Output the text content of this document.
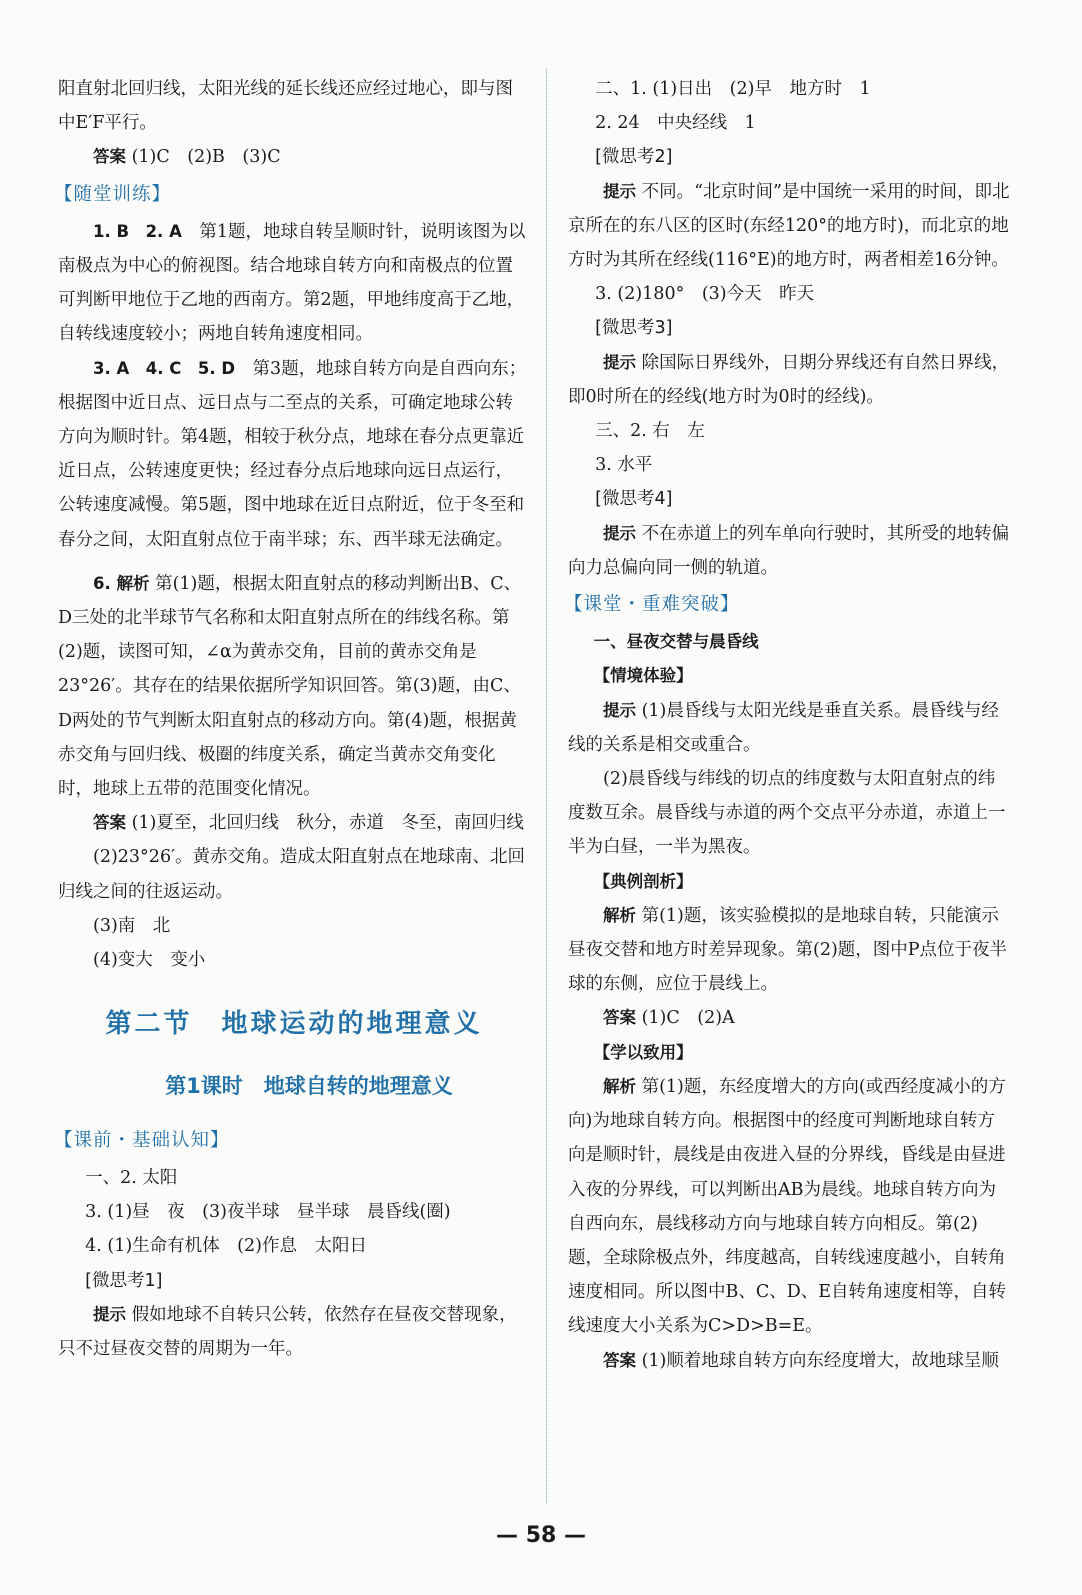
阳直射北回归线，太阳光线的延长线还应经过地心，即与图中E′F平行。

答案 (1)C　(2)B　(3)C

【随堂训练】

1. B　2. A　第1题，地球自转呈顺时针，说明该图为以南极点为中心的俯视图。结合地球自转方向和南极点的位置可判断甲地位于乙地的西南方。第2题，甲地纬度高于乙地，自转线速度较小；两地自转角速度相同。

3. A　4. C　5. D　第3题，地球自转方向是自西向东；根据图中近日点、远日点与二至点的关系，可确定地球公转方向为顺时针。第4题，相较于秋分点，地球在春分点更靠近近日点，公转速度更快；经过春分点后地球向远日点运行，公转速度减慢。第5题，图中地球在近日点附近，位于冬至和春分之间，太阳直射点位于南半球；东、西半球无法确定。

6. 解析 第(1)题，根据太阳直射点的移动判断出B、C、D三处的北半球节气名称和太阳直射点所在的纬线名称。第(2)题，读图可知，∠α为黄赤交角，目前的黄赤交角是23°26′。其存在的结果依据所学知识回答。第(3)题，由C、D两处的节气判断太阳直射点的移动方向。第(4)题，根据黄赤交角与回归线、极圈的纬度关系，确定当黄赤交角变化时，地球上五带的范围变化情况。

答案 (1)夏至，北回归线　秋分，赤道　冬至，南回归线

(2)23°26′。黄赤交角。造成太阳直射点在地球南、北回归线之间的往返运动。

(3)南　北

(4)变大　变小

第二节　地球运动的地理意义
第1课时　地球自转的地理意义
【课前・基础认知】

一、2. 太阳

3. (1)昼　夜　(3)夜半球　昼半球　晨昏线(圈)

4. (1)生命有机体　(2)作息　太阳日

[微思考1]

提示 假如地球不自转只公转，依然存在昼夜交替现象，只不过昼夜交替的周期为一年。

二、1. (1)日出　(2)早　地方时　1

2. 24　中央经线　1

[微思考2]

提示 不同。“北京时间”是中国统一采用的时间，即北京所在的东八区的区时(东经120°的地方时)，而北京的地方时为其所在经线(116°E)的地方时，两者相差16分钟。

3. (2)180°　(3)今天　昨天

[微思考3]

提示 除国际日界线外，日期分界线还有自然日界线，即0时所在的经线(地方时为0时的经线)。

三、2. 右　左

3. 水平

[微思考4]

提示 不在赤道上的列车单向行驶时，其所受的地转偏向力总偏向同一侧的轨道。

【课堂・重难突破】

一、昼夜交替与晨昏线

【情境体验】

提示 (1)晨昏线与太阳光线是垂直关系。晨昏线与经线的关系是相交或重合。

(2)晨昏线与纬线的切点的纬度数与太阳直射点的纬度数互余。晨昏线与赤道的两个交点平分赤道，赤道上一半为白昼，一半为黑夜。

【典例剖析】

解析 第(1)题，该实验模拟的是地球自转，只能演示昼夜交替和地方时差异现象。第(2)题，图中P点位于夜半球的东侧，应位于晨线上。

答案 (1)C　(2)A

【学以致用】

解析 第(1)题，东经度增大的方向(或西经度减小的方向)为地球自转方向。根据图中的经度可判断地球自转方向是顺时针，晨线是由夜进入昼的分界线，昏线是由昼进入夜的分界线，可以判断出AB为晨线。地球自转方向为自西向东，晨线移动方向与地球自转方向相反。第(2)题，全球除极点外，纬度越高，自转线速度越小，自转角速度相同。所以图中B、C、D、E自转角速度相等，自转线速度大小关系为C>D>B=E。

答案 (1)顺着地球自转方向东经度增大，故地球呈顺

— 58 —
